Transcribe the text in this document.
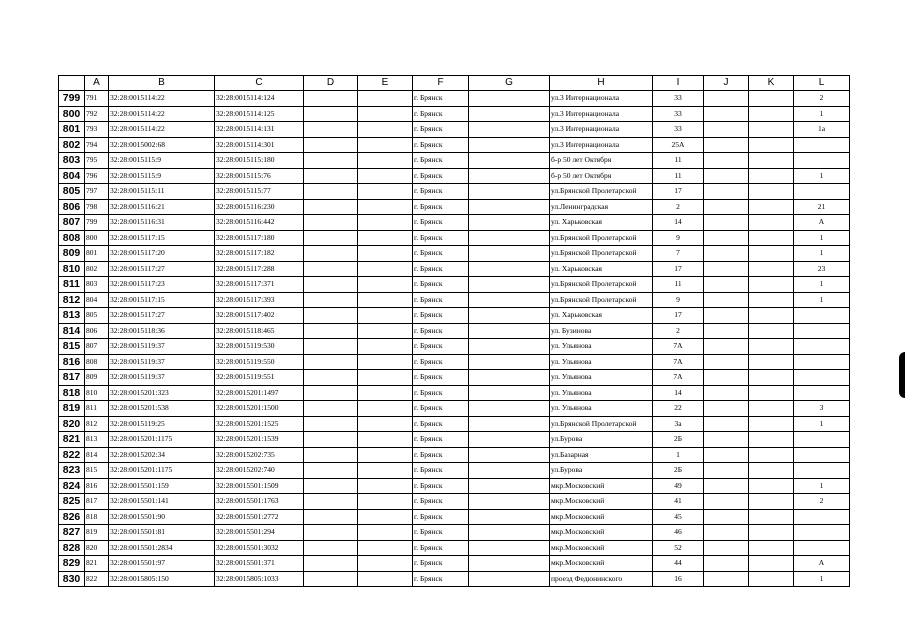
	A	B	C	D	E	F	G	H	I	J	K	L
799	791	32:28:0015114:22	32:28:0015114:124			г. Брянск		ул.3 Интернационала	33			2
800	792	32:28:0015114:22	32:28:0015114:125			г. Брянск		ул.3 Интернационала	33			1
801	793	32:28:0015114:22	32:28:0015114:131			г. Брянск		ул.3 Интернационала	33			1а
802	794	32:28:0015002:68	32:28:0015114:301			г. Брянск		ул.3 Интернационала	25А			
803	795	32:28:0015115:9	32:28:0015115:180			г. Брянск		б-р 50 лет Октября	11			
804	796	32:28:0015115:9	32:28:0015115:76			г. Брянск		б-р 50 лет Октября	11			1
805	797	32:28:0015115:11	32:28:0015115:77			г. Брянск		ул.Брянской Пролетарской	17			
806	798	32:28:0015116:21	32:28:0015116:230			г. Брянск		ул.Ленинградская	2			21
807	799	32:28:0015116:31	32:28:0015116:442			г. Брянск		ул. Харьковская	14			А
808	800	32:28:0015117:15	32:28:0015117:180			г. Брянск		ул.Брянской Пролетарской	9			1
809	801	32:28:0015117:20	32:28:0015117:182			г. Брянск		ул.Брянской Пролетарской	7			1
810	802	32:28:0015117:27	32:28:0015117:288			г. Брянск		ул. Харьковская	17			23
811	803	32:28:0015117:23	32:28:0015117:371			г. Брянск		ул.Брянской Пролетарской	11			1
812	804	32:28:0015117:15	32:28:0015117:393			г. Брянск		ул.Брянской Пролетарской	9			1
813	805	32:28:0015117:27	32:28:0015117:402			г. Брянск		ул. Харьковская	17			
814	806	32:28:0015118:36	32:28:0015118:465			г. Брянск		ул. Бузинова	2			
815	807	32:28:0015119:37	32:28:0015119:530			г. Брянск		ул. Ульянова	7А			
816	808	32:28:0015119:37	32:28:0015119:550			г. Брянск		ул. Ульянова	7А			
817	809	32:28:0015119:37	32:28:0015119:551			г. Брянск		ул. Ульянова	7А			
818	810	32:28:0015201:323	32:28:0015201:1497			г. Брянск		ул. Ульянова	14			
819	811	32:28:0015201:538	32:28:0015201:1500			г. Брянск		ул. Ульянова	22			3
820	812	32:28:0015119:25	32:28:0015201:1525			г. Брянск		ул.Брянской Пролетарской	3а			1
821	813	32:28:0015201:1175	32:28:0015201:1539			г. Брянск		ул.Бурова	2Б			
822	814	32:28:0015202:34	32:28:0015202:735			г. Брянск		ул.Базарная	1			
823	815	32:28:0015201:1175	32:28:0015202:740			г. Брянск		ул.Бурова	2Б			
824	816	32:28:0015501:159	32:28:0015501:1509			г. Брянск		мкр.Московский	49			1
825	817	32:28:0015501:141	32:28:0015501:1763			г. Брянск		мкр.Московский	41			2
826	818	32:28:0015501:90	32:28:0015501:2772			г. Брянск		мкр.Московский	45			
827	819	32:28:0015501:81	32:28:0015501:294			г. Брянск		мкр.Московский	46			
828	820	32:28:0015501:2834	32:28:0015501:3032			г. Брянск		мкр.Московский	52			
829	821	32:28:0015501:97	32:28:0015501:371			г. Брянск		мкр.Московский	44			А
830	822	32:28:0015805:150	32:28:0015805:1033			г. Брянск		проезд Федюнинского	16			1
